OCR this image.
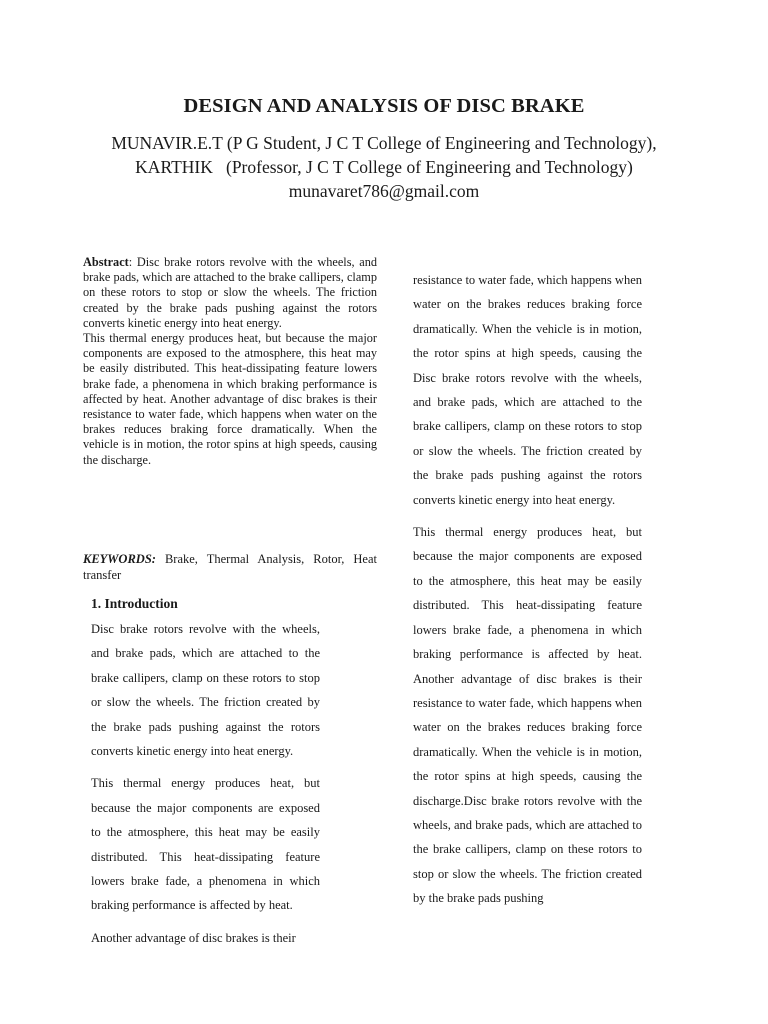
DESIGN AND ANALYSIS OF DISC BRAKE
MUNAVIR.E.T (P G Student, J C T College of Engineering and Technology),
KARTHIK   (Professor, J C T College of Engineering and Technology)
munavaret786@gmail.com

Abstract: Disc brake rotors revolve with the wheels, and brake pads, which are attached to the brake callipers, clamp on these rotors to stop or slow the wheels. The friction created by the brake pads pushing against the rotors converts kinetic energy into heat energy.

This thermal energy produces heat, but because the major components are exposed to the atmosphere, this heat may be easily distributed. This heat-dissipating feature lowers brake fade, a phenomena in which braking performance is affected by heat. Another advantage of disc brakes is their resistance to water fade, which happens when water on the brakes reduces braking force dramatically. When the vehicle is in motion, the rotor spins at high speeds, causing the discharge.

KEYWORDS: Brake, Thermal Analysis, Rotor, Heat transfer
1. Introduction

Disc brake rotors revolve with the wheels, and brake pads, which are attached to the brake callipers, clamp on these rotors to stop or slow the wheels. The friction created by the brake pads pushing against the rotors converts kinetic energy into heat energy.

This thermal energy produces heat, but because the major components are exposed to the atmosphere, this heat may be easily distributed. This heat-dissipating feature lowers brake fade, a phenomena in which braking performance is affected by heat.

Another advantage of disc brakes is their

resistance to water fade, which happens when water on the brakes reduces braking force dramatically. When the vehicle is in motion, the rotor spins at high speeds, causing the Disc brake rotors revolve with the wheels, and brake pads, which are attached to the brake callipers, clamp on these rotors to stop or slow the wheels. The friction created by the brake pads pushing against the rotors converts kinetic energy into heat energy.

This thermal energy produces heat, but because the major components are exposed to the atmosphere, this heat may be easily distributed. This heat-dissipating feature lowers brake fade, a phenomena in which braking performance is affected by heat. Another advantage of disc brakes is their resistance to water fade, which happens when water on the brakes reduces braking force dramatically. When the vehicle is in motion, the rotor spins at high speeds, causing the discharge.Disc brake rotors revolve with the wheels, and brake pads, which are attached to the brake callipers, clamp on these rotors to stop or slow the wheels. The friction created by the brake pads pushing
